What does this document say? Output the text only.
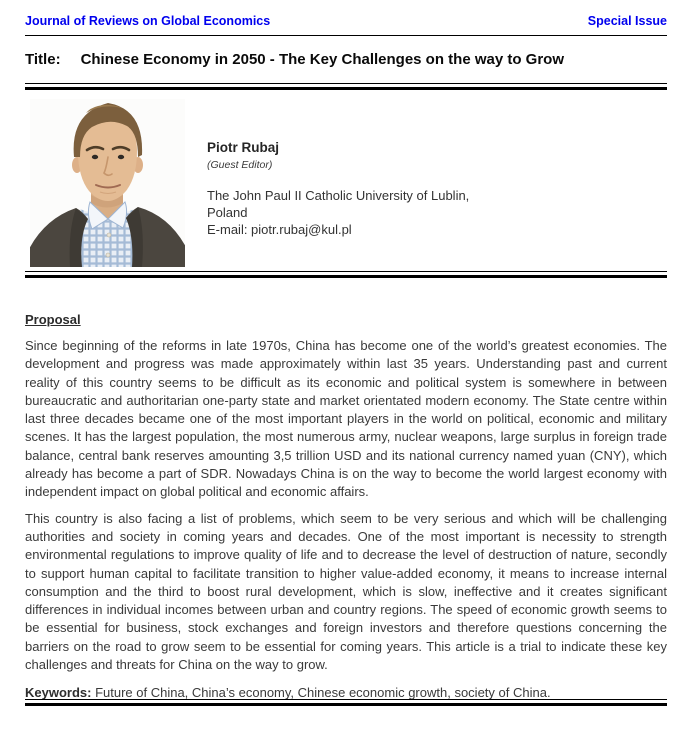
Journal of Reviews on Global Economics	Special Issue
Title: Chinese Economy in 2050 - The Key Challenges on the way to Grow
Piotr Rubaj
(Guest Editor)
The John Paul II Catholic University of Lublin,
Poland
E-mail: piotr.rubaj@kul.pl
Proposal

Since beginning of the reforms in late 1970s, China has become one of the world’s greatest economies. The development and progress was made approximately within last 35 years. Understanding past and current reality of this country seems to be difficult as its economic and political system is somewhere in between bureaucratic and authoritarian one-party state and market orientated modern economy. The State centre within last three decades became one of the most important players in the world on political, economic and military scenes. It has the largest population, the most numerous army, nuclear weapons, large surplus in foreign trade balance, central bank reserves amounting 3,5 trillion USD and its national currency named yuan (CNY), which already has become a part of SDR. Nowadays China is on the way to become the world largest economy with independent impact on global political and economic affairs.

This country is also facing a list of problems, which seem to be very serious and which will be challenging authorities and society in coming years and decades. One of the most important is necessity to strength environmental regulations to improve quality of life and to decrease the level of destruction of nature, secondly to support human capital to facilitate transition to higher value-added economy, it means to increase internal consumption and the third to boost rural development, which is slow, ineffective and it creates significant differences in individual incomes between urban and country regions. The speed of economic growth seems to be essential for business, stock exchanges and foreign investors and therefore questions concerning the barriers on the road to grow seem to be essential for coming years. This article is a trial to indicate these key challenges and threats for China on the way to grow.

Keywords: Future of China, China’s economy, Chinese economic growth, society of China.
